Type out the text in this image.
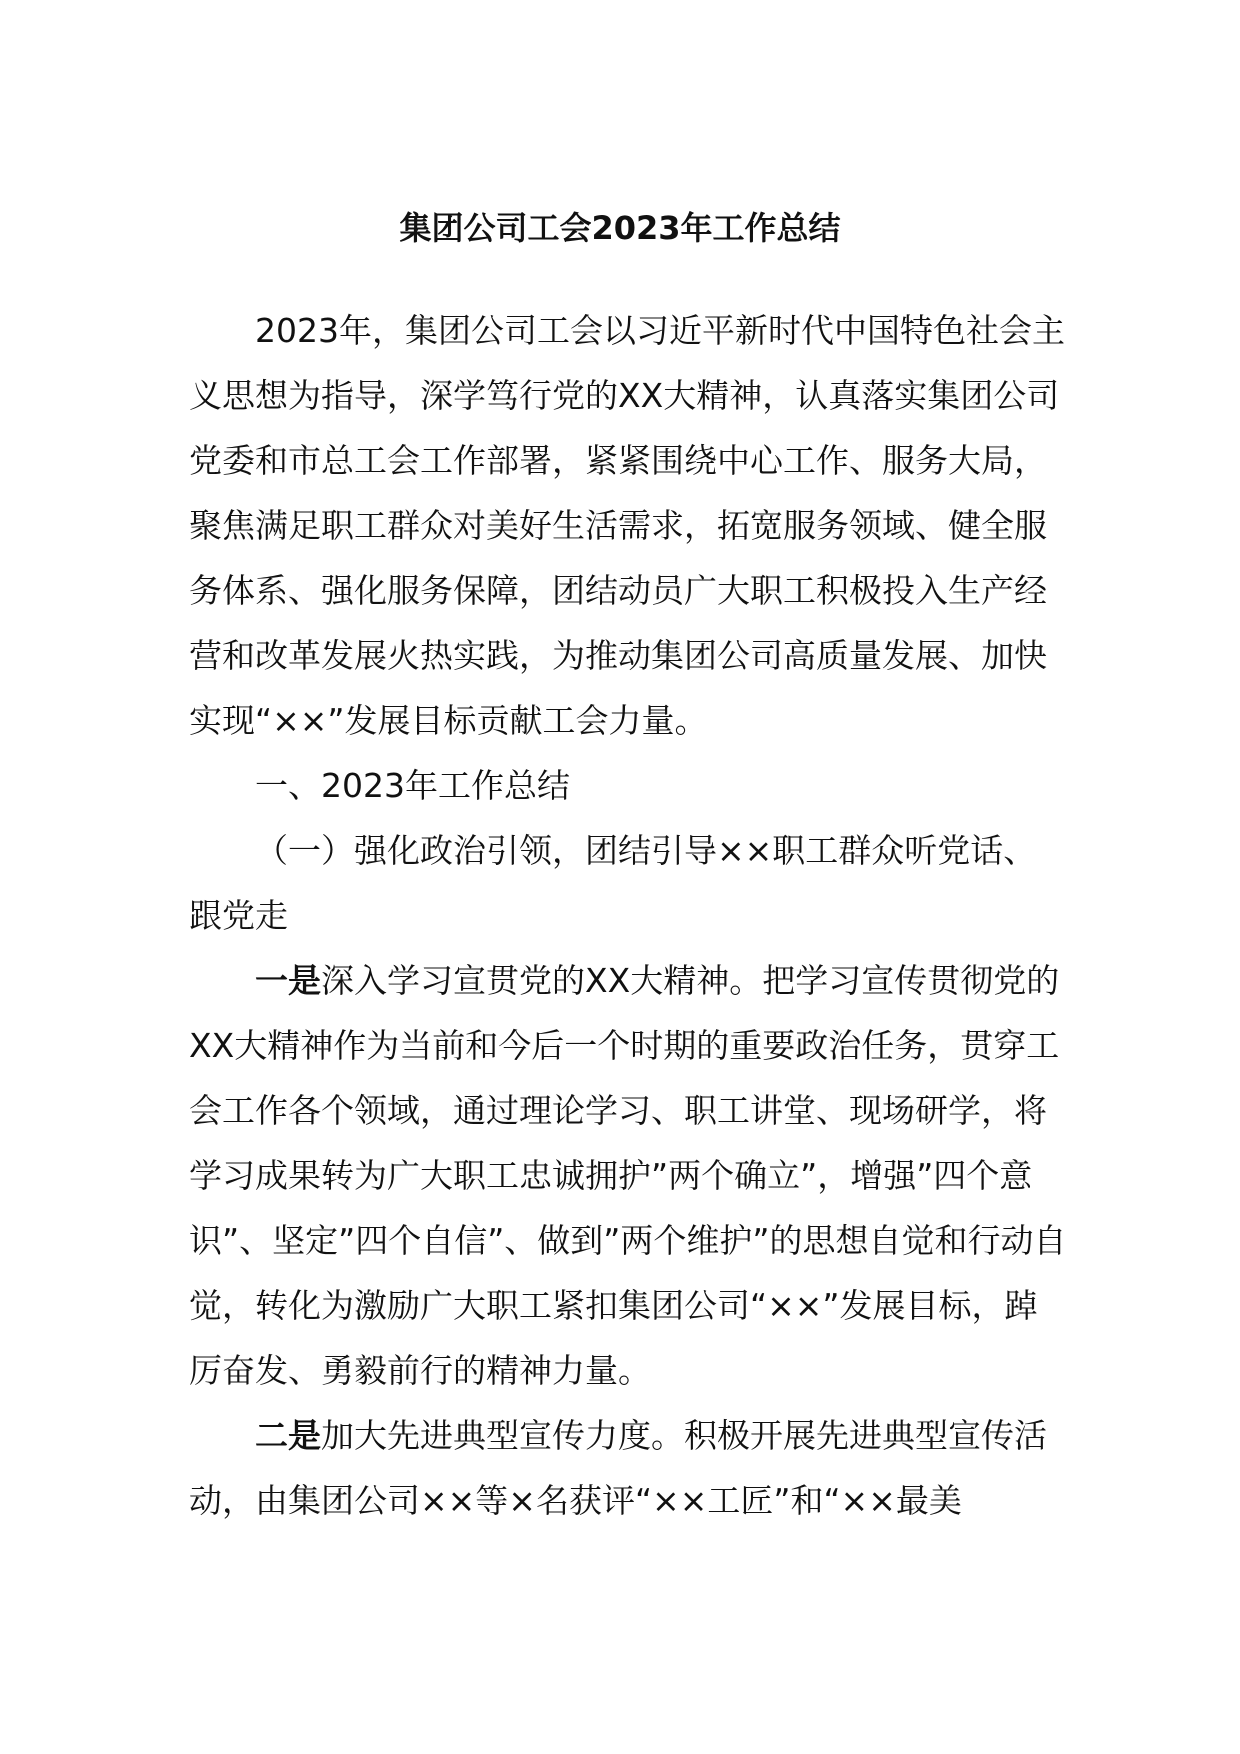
集团公司工会2023年工作总结

2023年，集团公司工会以习近平新时代中国特色社会主义思想为指导，深学笃行党的XX大精神，认真落实集团公司党委和市总工会工作部署，紧紧围绕中心工作、服务大局，聚焦满足职工群众对美好生活需求，拓宽服务领域、健全服务体系、强化服务保障，团结动员广大职工积极投入生产经营和改革发展火热实践，为推动集团公司高质量发展、加快实现“××”发展目标贡献工会力量。

一、2023年工作总结

（一）强化政治引领，团结引导××职工群众听党话、跟党走

一是深入学习宣贯党的XX大精神。把学习宣传贯彻党的XX大精神作为当前和今后一个时期的重要政治任务，贯穿工会工作各个领域，通过理论学习、职工讲堂、现场研学，将学习成果转为广大职工忠诚拥护”两个确立”，增强”四个意识”、坚定”四个自信”、做到”两个维护”的思想自觉和行动自觉，转化为激励广大职工紧扣集团公司“××”发展目标，踔厉奋发、勇毅前行的精神力量。

二是加大先进典型宣传力度。积极开展先进典型宣传活动，由集团公司××等×名获评“××工匠”和“××最美
